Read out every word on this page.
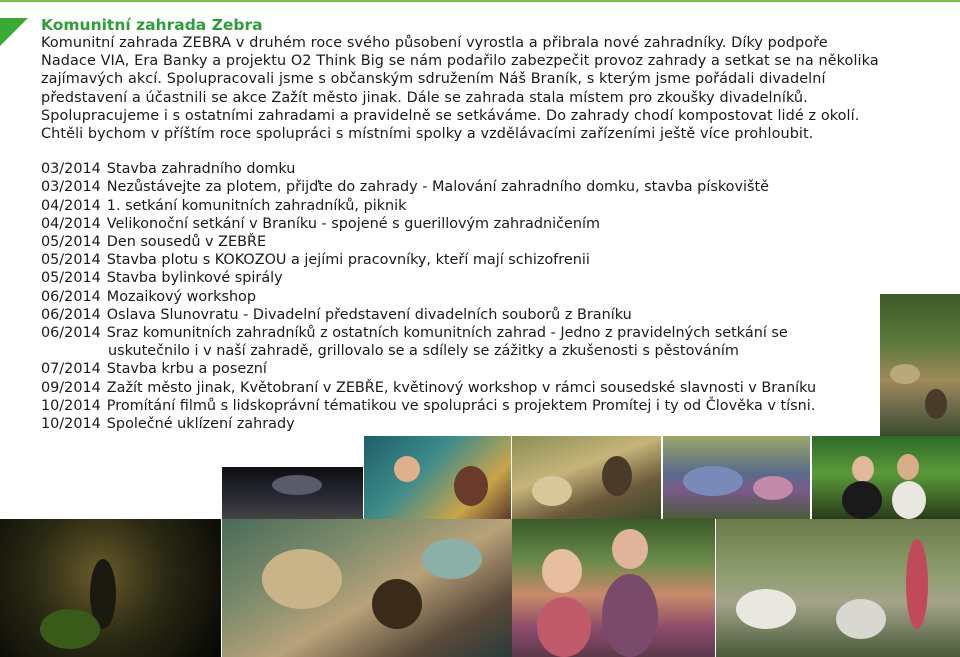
Komunitní zahrada Zebra

Komunitní zahrada ZEBRA v druhém roce svého působení vyrostla a přibrala nové zahradníky. Díky podpoře

Nadace VIA, Era Banky a projektu O2 Think Big se nám podařilo zabezpečit provoz zahrady a setkat se na několika

zajímavých akcí. Spolupracovali jsme s občanským sdružením Náš Braník, s kterým jsme pořádali divadelní

představení a účastnili se akce Zažít město jinak. Dále se zahrada stala místem pro zkoušky divadelníků.

Spolupracujeme i s ostatními zahradami a pravidelně se setkáváme. Do zahrady chodí kompostovat lidé z okolí.

Chtěli bychom v příštím roce spolupráci s místními spolky a vzdělávacími zařízeními ještě více prohloubit.

03/2014 Stavba zahradního domku
03/2014 Nezůstávejte za plotem, přijďte do zahrady - Malování zahradního domku, stavba pískoviště
04/2014 1. setkání komunitních zahradníků, piknik
04/2014 Velikonoční setkání v Braníku - spojené s guerillovým zahradničením
05/2014 Den sousedů v ZEBŘE
05/2014 Stavba plotu s KOKOZOU a jejími pracovníky, kteří mají schizofrenii
05/2014 Stavba bylinkové spirály
06/2014 Mozaikový workshop
06/2014 Oslava Slunovratu - Divadelní představení divadelních souborů z Braníku
06/2014 Sraz komunitních zahradníků z ostatních komunitních zahrad - Jedno z pravidelných setkání se
uskutečnilo i v naší zahradě, grillovalo se a sdílely se zážitky a zkušenosti s pěstováním
07/2014 Stavba krbu a posezní
09/2014 Zažít město jinak, Květobraní v ZEBŘE, květinový workshop v rámci sousedské slavnosti v Braníku
10/2014 Promítání filmů s lidskoprávní tématikou ve spolupráci s projektem Promítej i ty od Člověka v tísni.
10/2014 Společné uklízení zahrady
